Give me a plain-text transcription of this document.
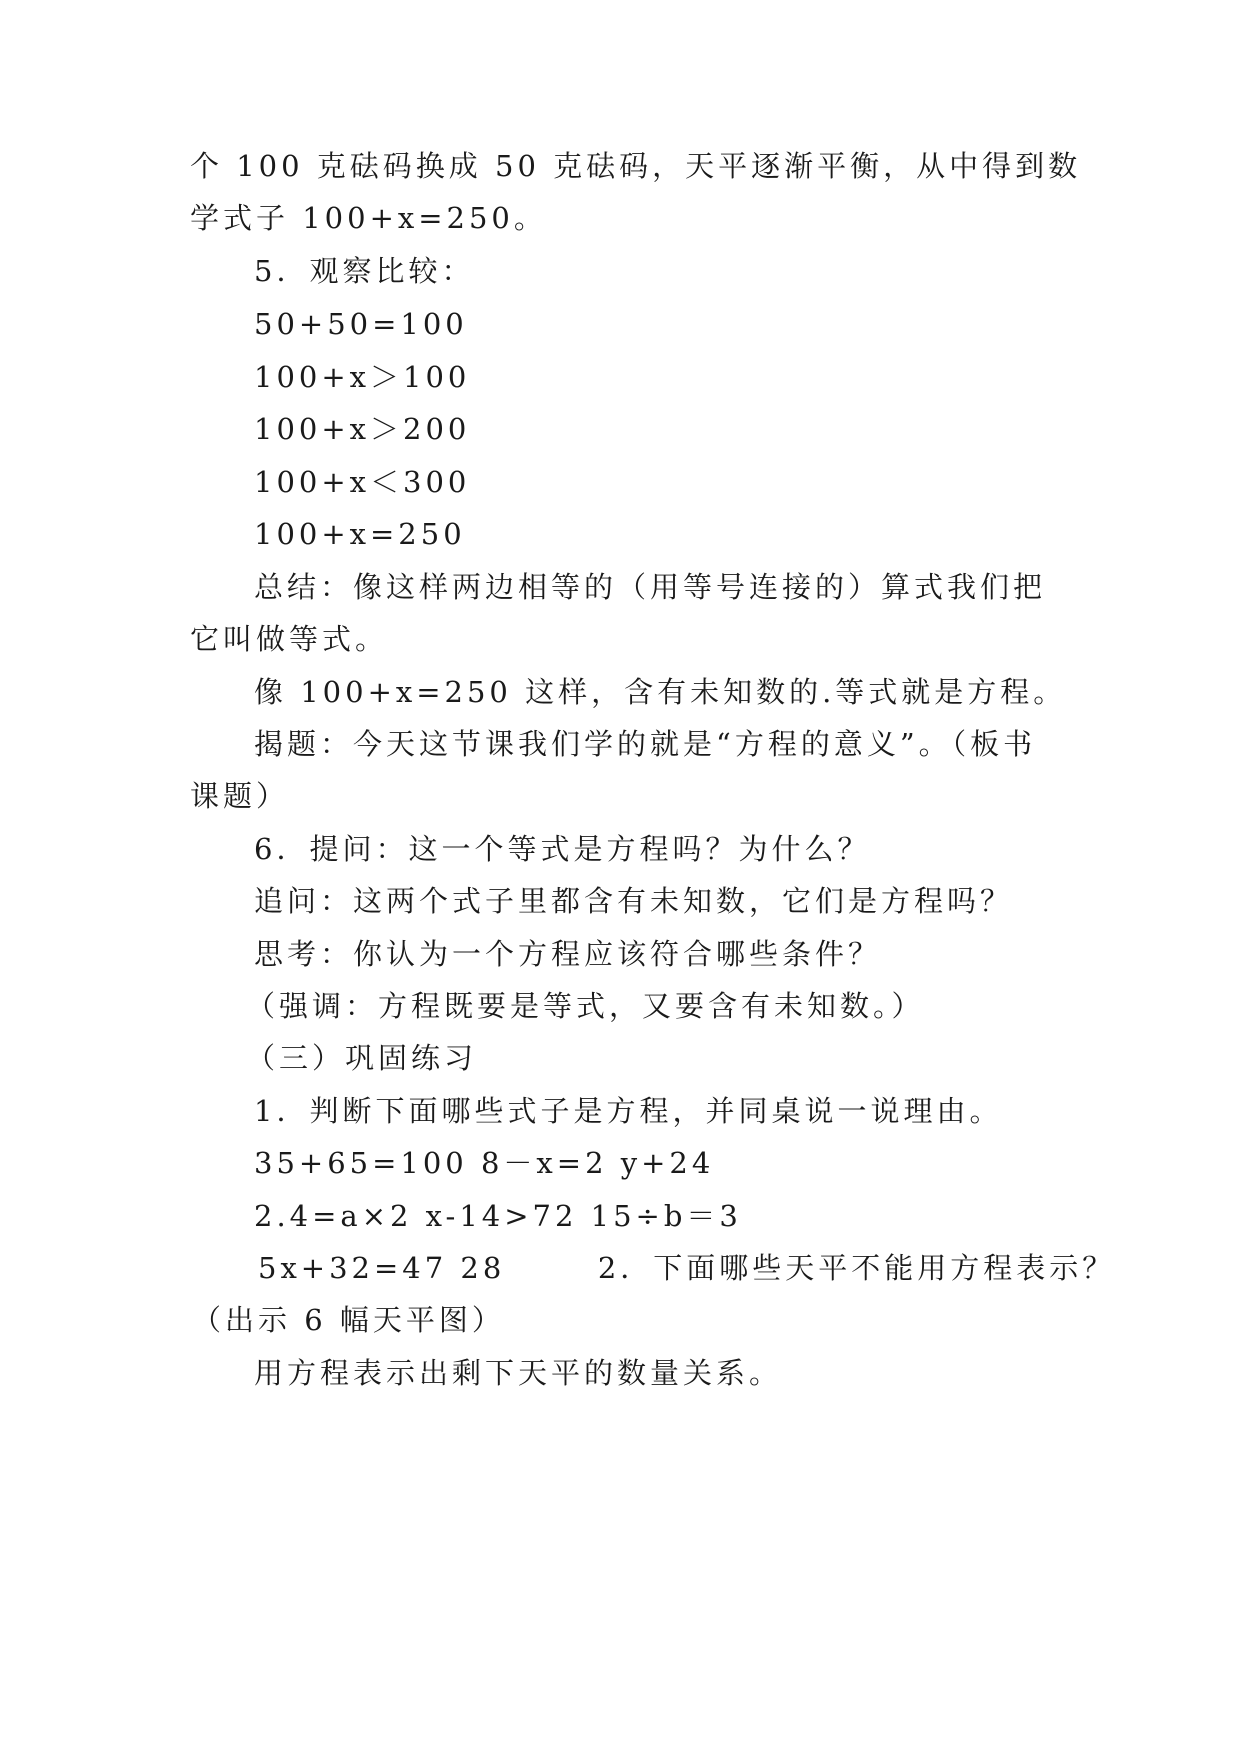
个 100 克砝码换成 50 克砝码，天平逐渐平衡，从中得到数
学式子 100+x=250。
5．观察比较：
50+50=100
100+x＞100
100+x＞200
100+x＜300
100+x=250
总结：像这样两边相等的（用等号连接的）算式我们把
它叫做等式。
像 100+x=250 这样，含有未知数的.等式就是方程。
揭题：今天这节课我们学的就是“方程的意义”。（板书
课题）
6．提问：这一个等式是方程吗？为什么？
追问：这两个式子里都含有未知数，它们是方程吗？
思考：你认为一个方程应该符合哪些条件？
（强调：方程既要是等式，又要含有未知数。）
（三）巩固练习
1．判断下面哪些式子是方程，并同桌说一说理由。
35+65=100 8－x=2 y+24
2.4=a×2 x-14>72 15÷b＝3
5x+32=47 28       2．下面哪些天平不能用方程表示？
（出示 6 幅天平图）
用方程表示出剩下天平的数量关系。
